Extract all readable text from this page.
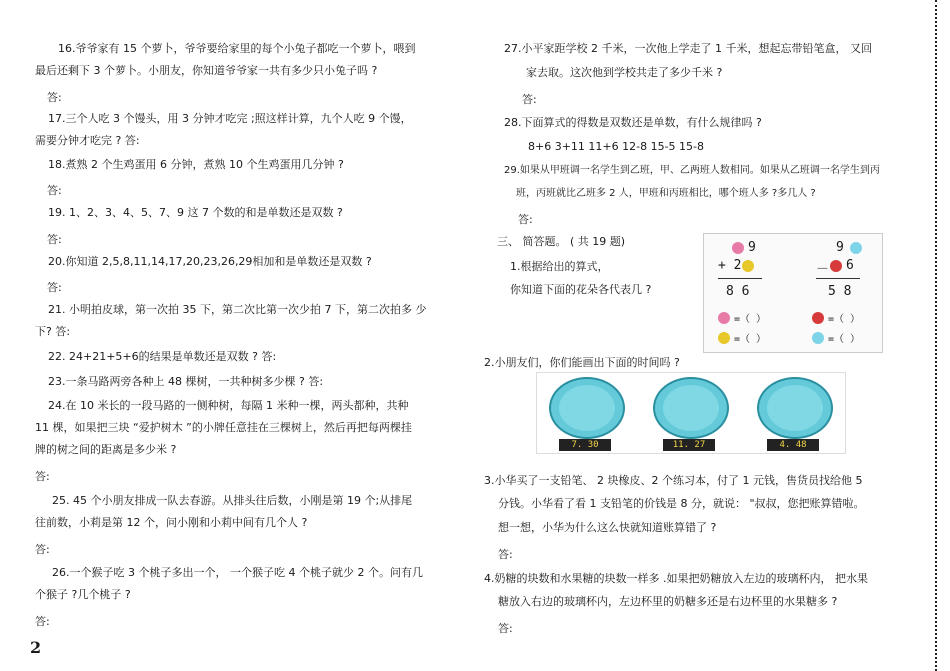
16.爷爷家有 15 个萝卜，爷爷要给家里的每个小兔子都吃一个萝卜，喂到
最后还剩下 3 个萝卜。小朋友，你知道爷爷家一共有多少只小兔子吗 ?
答:
17.三个人吃 3 个馒头，用 3 分钟才吃完 ;照这样计算，九个人吃 9 个馒，
需要分钟才吃完 ? 答:
18.煮熟 2 个生鸡蛋用 6 分钟，煮熟 10 个生鸡蛋用几分钟 ?
答:
19. 1、2、3、4、5、7、9 这 7 个数的和是单数还是双数 ?
答:
20.你知道 2,5,8,11,14,17,20,23,26,29相加和是单数还是双数 ?
答:
21. 小明拍皮球，第一次拍 35 下，第二次比第一次少拍 7 下，第二次拍多 少
下? 答:
22. 24+21+5+6的结果是单数还是双数 ? 答:
23.一条马路两旁各种上 48 棵树，一共种树多少棵 ? 答:
24.在 10 米长的一段马路的一侧种树，每隔 1 米种一棵，两头都种，共种
11 棵，如果把三块 “爱护树木 ”的小牌任意挂在三棵树上，然后再把每两棵挂
牌的树之间的距离是多少米 ?
答:
25. 45 个小朋友排成一队去春游。从排头往后数，小刚是第 19 个;从排尾
往前数，小莉是第 12 个，问小刚和小莉中间有几个人 ?
答:
26.一个猴子吃 3 个桃子多出一个， 一个猴子吃 4 个桃子就少 2 个。问有几
个猴子 ?几个桃子 ?
答:
2
27.小平家距学校 2 千米，一次他上学走了 1 千米，想起忘带铅笔盒， 又回
家去取。这次他到学校共走了多少千米 ?
答:
28.下面算式的得数是双数还是单数，有什么规律吗 ?
8+6 3+11 11+6 12-8 15-5 15-8
29.如果从甲班调一名学生到乙班，甲、乙两班人数相同。如果从乙班调一名学生到丙
班，丙班就比乙班多 2 人，甲班和丙班相比，哪个班人多 ?多几人 ?
答:
三、 简答题。 ( 共 19 题)
1.根据给出的算式，
你知道下面的花朵各代表几 ?
9
+ 2
8 6
9
－ 6
5 8
=（ ）
=（ ）
=（ ）
=（ ）
2.小朋友们，你们能画出下面的时间吗 ?
7. 30	11. 27	4. 48
3.小华买了一支铅笔、 2 块橡皮、2 个练习本，付了 1 元钱，售货员找给他 5
分钱。小华看了看 1 支铅笔的价钱是 8 分，就说： "叔叔，您把账算错啦。
想一想，小华为什么这么快就知道账算错了 ?
答:
4.奶糖的块数和水果糖的块数一样多 .如果把奶糖放入左边的玻璃杯内， 把水果
糖放入右边的玻璃杯内，左边杯里的奶糖多还是右边杯里的水果糖多 ?
答:
